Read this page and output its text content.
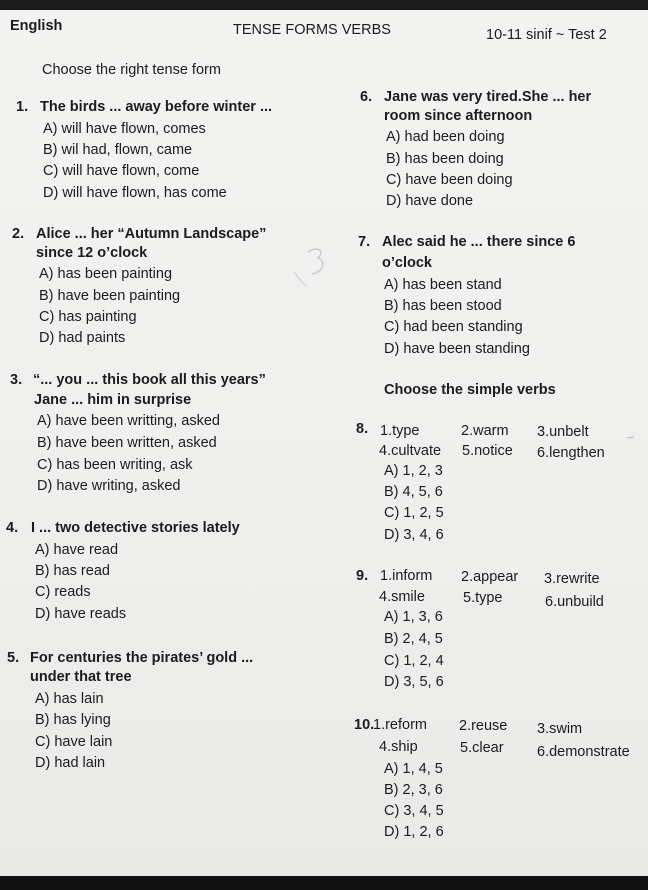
English	TENSE FORMS VERBS	10-11 sinif ~ Test 2
Choose the right tense form
1. The birds ... away before winter ...
A) will have flown, comes
B) wil had, flown, came
C) will have flown, come
D) will have flown, has come
2. Alice ... her “Autumn Landscape”
since 12 o’clock
A) has been painting
B) have been painting
C) has painting
D) had paints
3. “... you ... this book all this years”
Jane ... him in surprise
A) have been writting, asked
B) have been written, asked
C) has been writing, ask
D) have writing, asked
4. I ... two detective stories lately
A) have read
B) has read
C) reads
D) have reads
5. For centuries the pirates’ gold ...
under that tree
A) has lain
B) has lying
C) have lain
D) had lain
6. Jane was very tired.She ... her
room since afternoon
A) had been doing
B) has been doing
C) have been doing
D) have done
7. Alec said he ... there since 6
o’clock
A) has been stand
B) has been stood
C) had been standing
D) have been standing
Choose the simple verbs
8. 1.type	2.warm 3.unbelt
4.cultvate 5.notice 6.lengthen
A) 1, 2, 3
B) 4, 5, 6
C) 1, 2, 5
D) 3, 4, 6
9. 1.inform 2.appear 3.rewrite
4.smile	5.type	6.unbuild
A) 1, 3, 6
B) 2, 4, 5
C) 1, 2, 4
D) 3, 5, 6
10.
1.reform 2.reuse 3.swim
4.ship	5.clear 6.demonstrate
A) 1, 4, 5
B) 2, 3, 6
C) 3, 4, 5
D) 1, 2, 6
